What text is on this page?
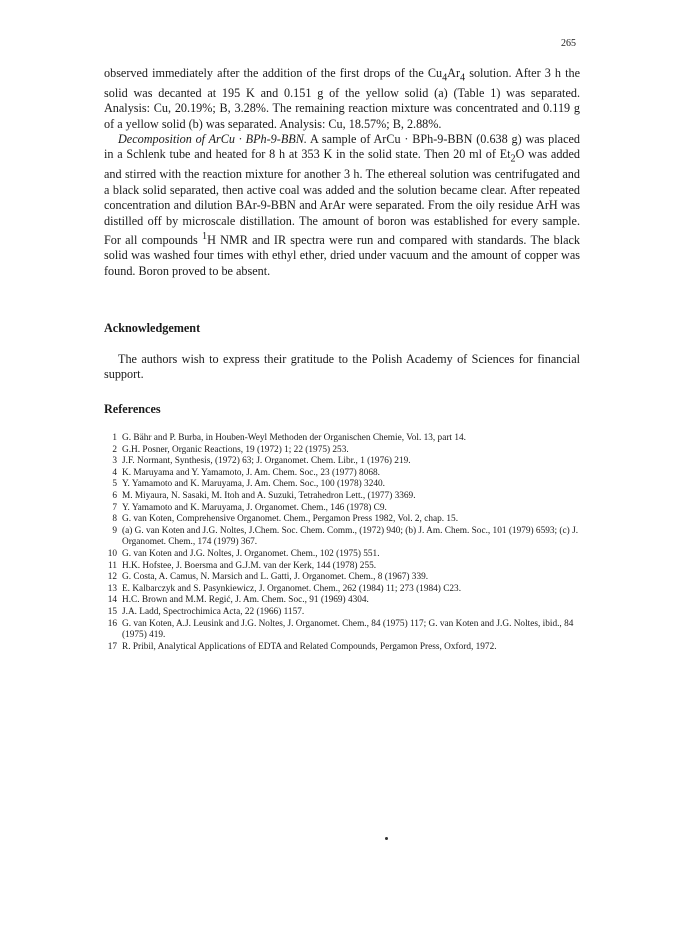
265

observed immediately after the addition of the first drops of the $Cu_4Ar_4$ solution. After 3 h the solid was decanted at 195 K and 0.151 g of the yellow solid (a) (Table 1) was separated. Analysis: Cu, 20.19%; B, 3.28%. The remaining reaction mixture was concentrated and 0.119 g of a yellow solid (b) was separated. Analysis: Cu, 18.57%; B, 2.88%.

Decomposition of ArCu · BPh-9-BBN. A sample of ArCu · BPh-9-BBN (0.638 g) was placed in a Schlenk tube and heated for 8 h at 353 K in the solid state. Then 20 ml of $Et_2O$ was added and stirred with the reaction mixture for another 3 h. The ethereal solution was centrifugated and a black solid separated, then active coal was added and the solution became clear. After repeated concentration and dilution BAr-9-BBN and ArAr were separated. From the oily residue ArH was distilled off by microscale distillation. The amount of boron was established for every sample. For all compounds $^1$H NMR and IR spectra were run and compared with standards. The black solid was washed four times with ethyl ether, dried under vacuum and the amount of copper was found. Boron proved to be absent.

Acknowledgement

The authors wish to express their gratitude to the Polish Academy of Sciences for financial support.

References
1 G. Bähr and P. Burba, in Houben-Weyl Methoden der Organischen Chemie, Vol. 13, part 14.
2 G.H. Posner, Organic Reactions, 19 (1972) 1; 22 (1975) 253.
3 J.F. Normant, Synthesis, (1972) 63; J. Organomet. Chem. Libr., 1 (1976) 219.
4 K. Maruyama and Y. Yamamoto, J. Am. Chem. Soc., 23 (1977) 8068.
5 Y. Yamamoto and K. Maruyama, J. Am. Chem. Soc., 100 (1978) 3240.
6 M. Miyaura, N. Sasaki, M. Itoh and A. Suzuki, Tetrahedron Lett., (1977) 3369.
7 Y. Yamamoto and K. Maruyama, J. Organomet. Chem., 146 (1978) C9.
8 G. van Koten, Comprehensive Organomet. Chem., Pergamon Press 1982, Vol. 2, chap. 15.
9 (a) G. van Koten and J.G. Noltes, J.Chem. Soc. Chem. Comm., (1972) 940; (b) J. Am. Chem. Soc., 101 (1979) 6593; (c) J. Organomet. Chem., 174 (1979) 367.
10 G. van Koten and J.G. Noltes, J. Organomet. Chem., 102 (1975) 551.
11 H.K. Hofstee, J. Boersma and G.J.M. van der Kerk, 144 (1978) 255.
12 G. Costa, A. Camus, N. Marsich and L. Gatti, J. Organomet. Chem., 8 (1967) 339.
13 E. Kalbarczyk and S. Pasynkiewicz, J. Organomet. Chem., 262 (1984) 11; 273 (1984) C23.
14 H.C. Brown and M.M. Regić, J. Am. Chem. Soc., 91 (1969) 4304.
15 J.A. Ladd, Spectrochimica Acta, 22 (1966) 1157.
16 G. van Koten, A.J. Leusink and J.G. Noltes, J. Organomet. Chem., 84 (1975) 117; G. van Koten and J.G. Noltes, ibid., 84 (1975) 419.
17 R. Pribil, Analytical Applications of EDTA and Related Compounds, Pergamon Press, Oxford, 1972.
